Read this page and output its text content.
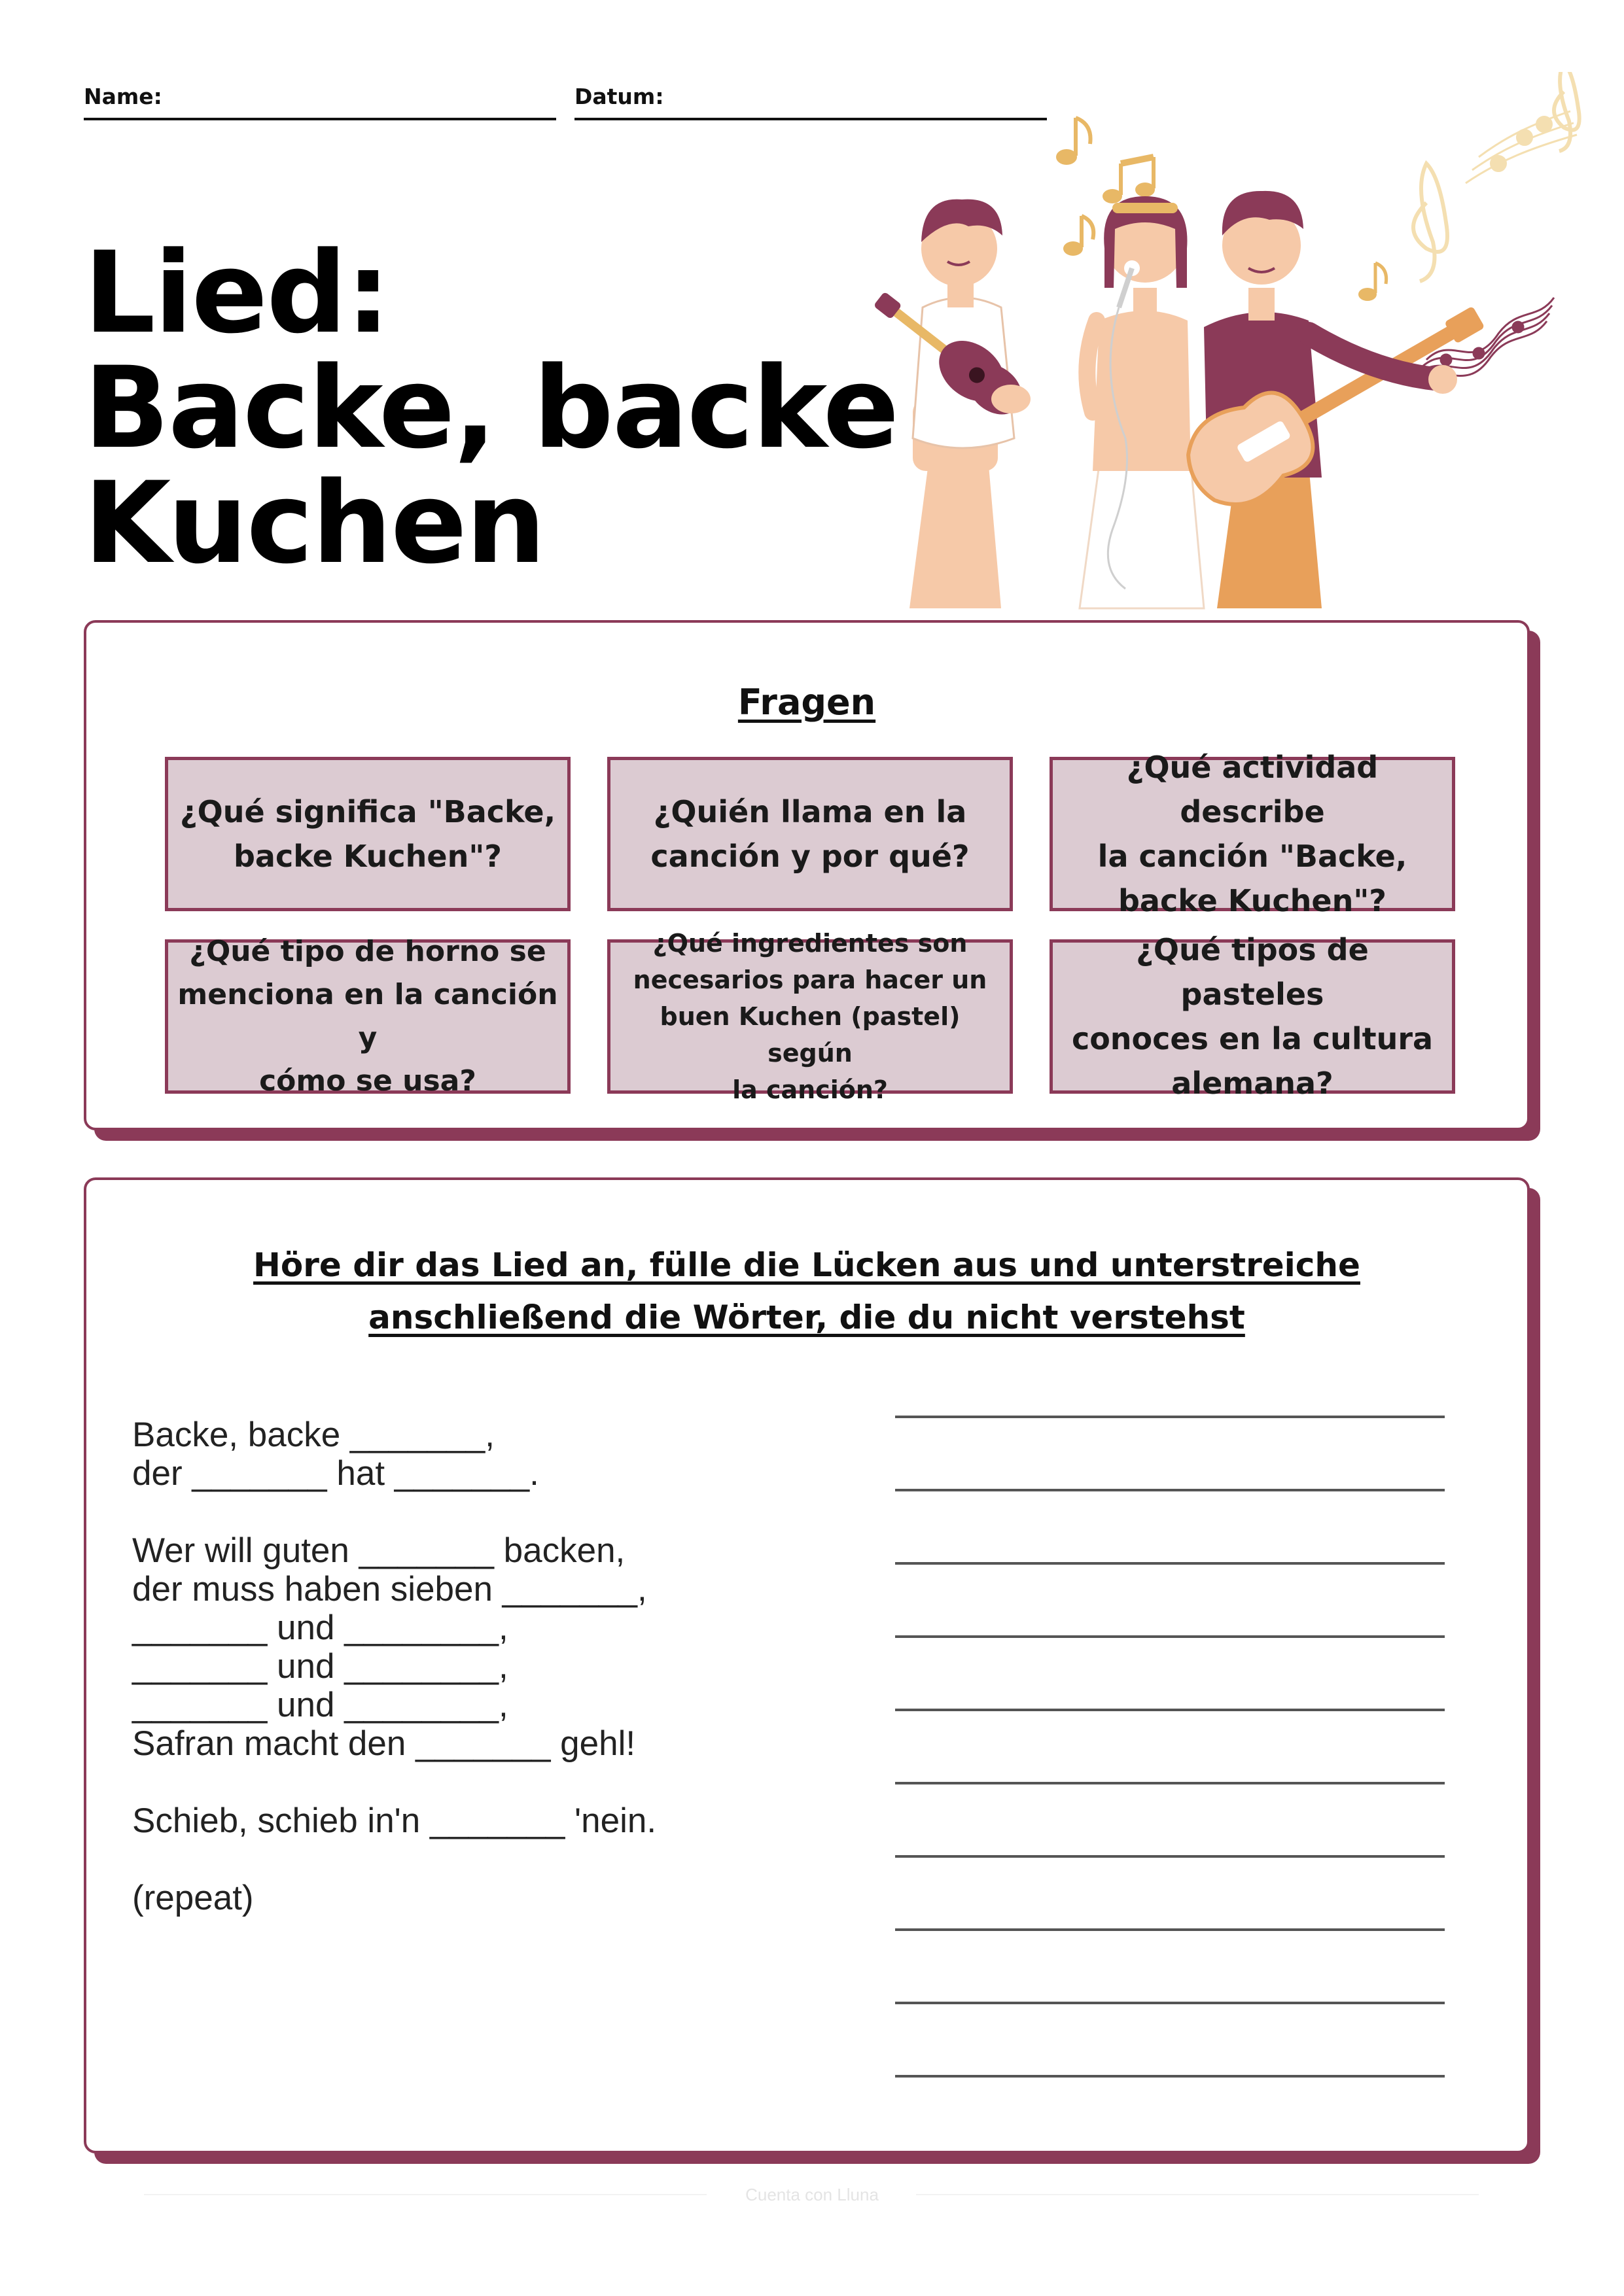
Name:	Datum:
Lied:
Backe, backe
Kuchen
Fragen
¿Qué significa "Backe,
backe Kuchen"?
¿Quién llama en la
canción y por qué?
¿Qué actividad describe
la canción "Backe,
backe Kuchen"?
¿Qué tipo de horno se
menciona en la canción y
cómo se usa?
¿Qué ingredientes son
necesarios para hacer un
buen Kuchen (pastel) según
la canción?
¿Qué tipos de pasteles
conoces en la cultura
alemana?
Höre dir das Lied an, fülle die Lücken aus und unterstreiche
anschließend die Wörter, die du nicht verstehst
Backe, backe _______,
der _______ hat _______.
Wer will guten _______ backen,
der muss haben sieben _______,
_______ und ________,
_______ und ________,
_______ und ________,
Safran macht den _______ gehl!
Schieb, schieb in'n _______ 'nein.
(repeat)
Cuenta con Lluna
